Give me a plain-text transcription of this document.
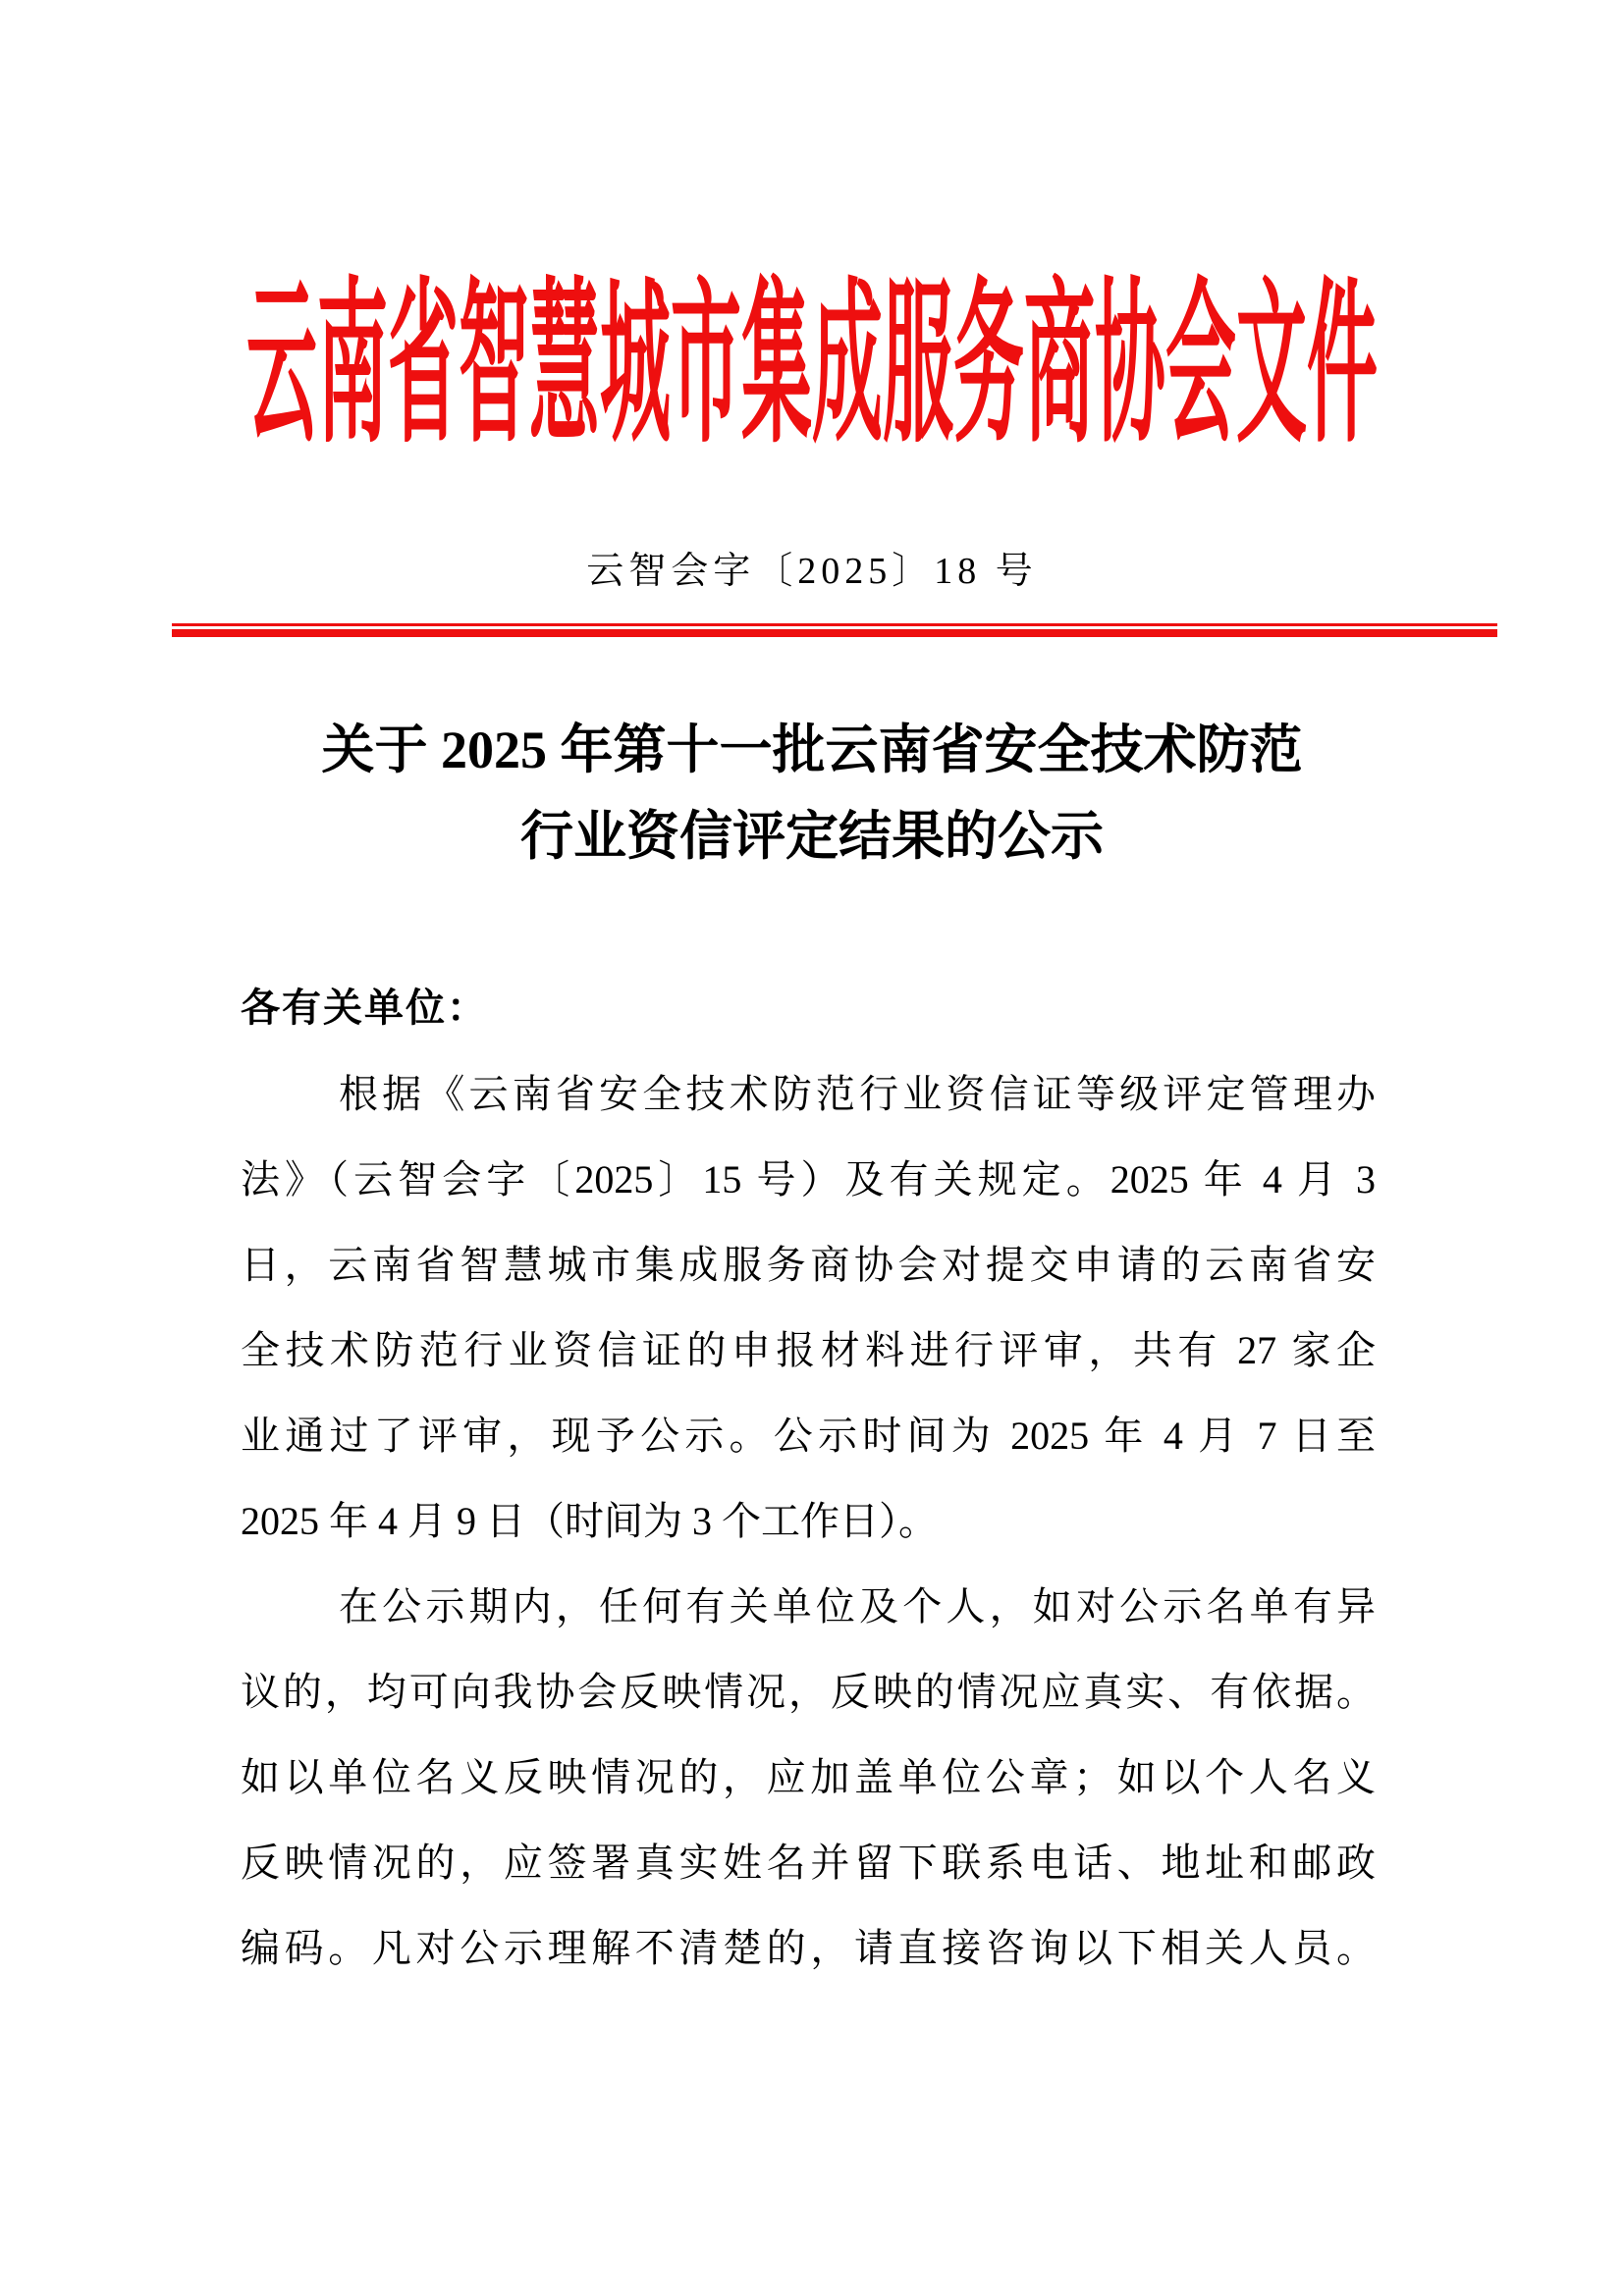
云南省智慧城市集成服务商协会文件
云智会字〔2025〕18 号
关于 2025 年第十一批云南省安全技术防范
行业资信评定结果的公示
各有关单位：
根据《云南省安全技术防范行业资信证等级评定管理办
法》（云智会字〔2025〕15 号）及有关规定。2025 年 4 月 3
日，云南省智慧城市集成服务商协会对提交申请的云南省安
全技术防范行业资信证的申报材料进行评审，共有 27 家企
业通过了评审，现予公示。公示时间为 2025 年 4 月 7 日至
2025 年 4 月 9 日（时间为 3 个工作日）。
在公示期内，任何有关单位及个人，如对公示名单有异
议的，均可向我协会反映情况，反映的情况应真实、有依据。
如以单位名义反映情况的，应加盖单位公章；如以个人名义
反映情况的，应签署真实姓名并留下联系电话、地址和邮政
编码。凡对公示理解不清楚的，请直接咨询以下相关人员。
